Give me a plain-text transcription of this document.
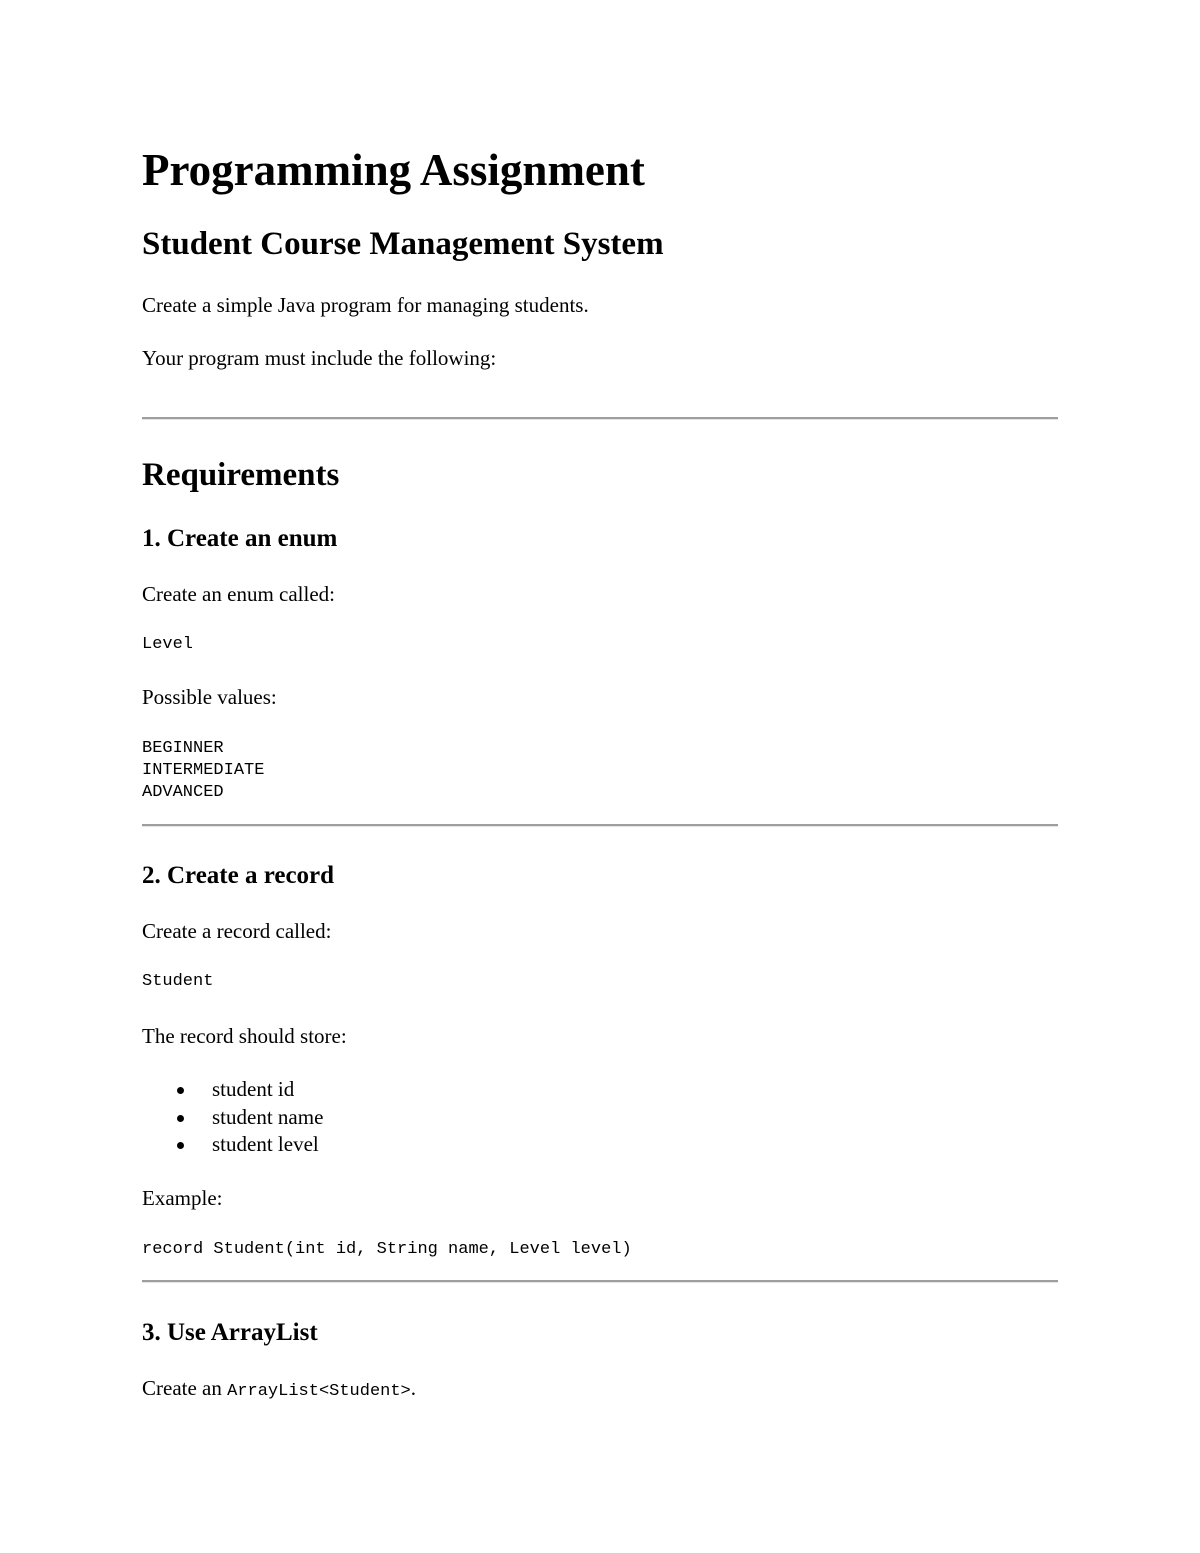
Programming Assignment
Student Course Management System

Create a simple Java program for managing students.

Your program must include the following:

Requirements
1. Create an enum

Create an enum called:

Level

Possible values:

BEGINNER
INTERMEDIATE
ADVANCED
2. Create a record

Create a record called:

Student

The record should store:

student id
student name
student level

Example:

record Student(int id, String name, Level level)
3. Use ArrayList

Create an ArrayList<Student>.
